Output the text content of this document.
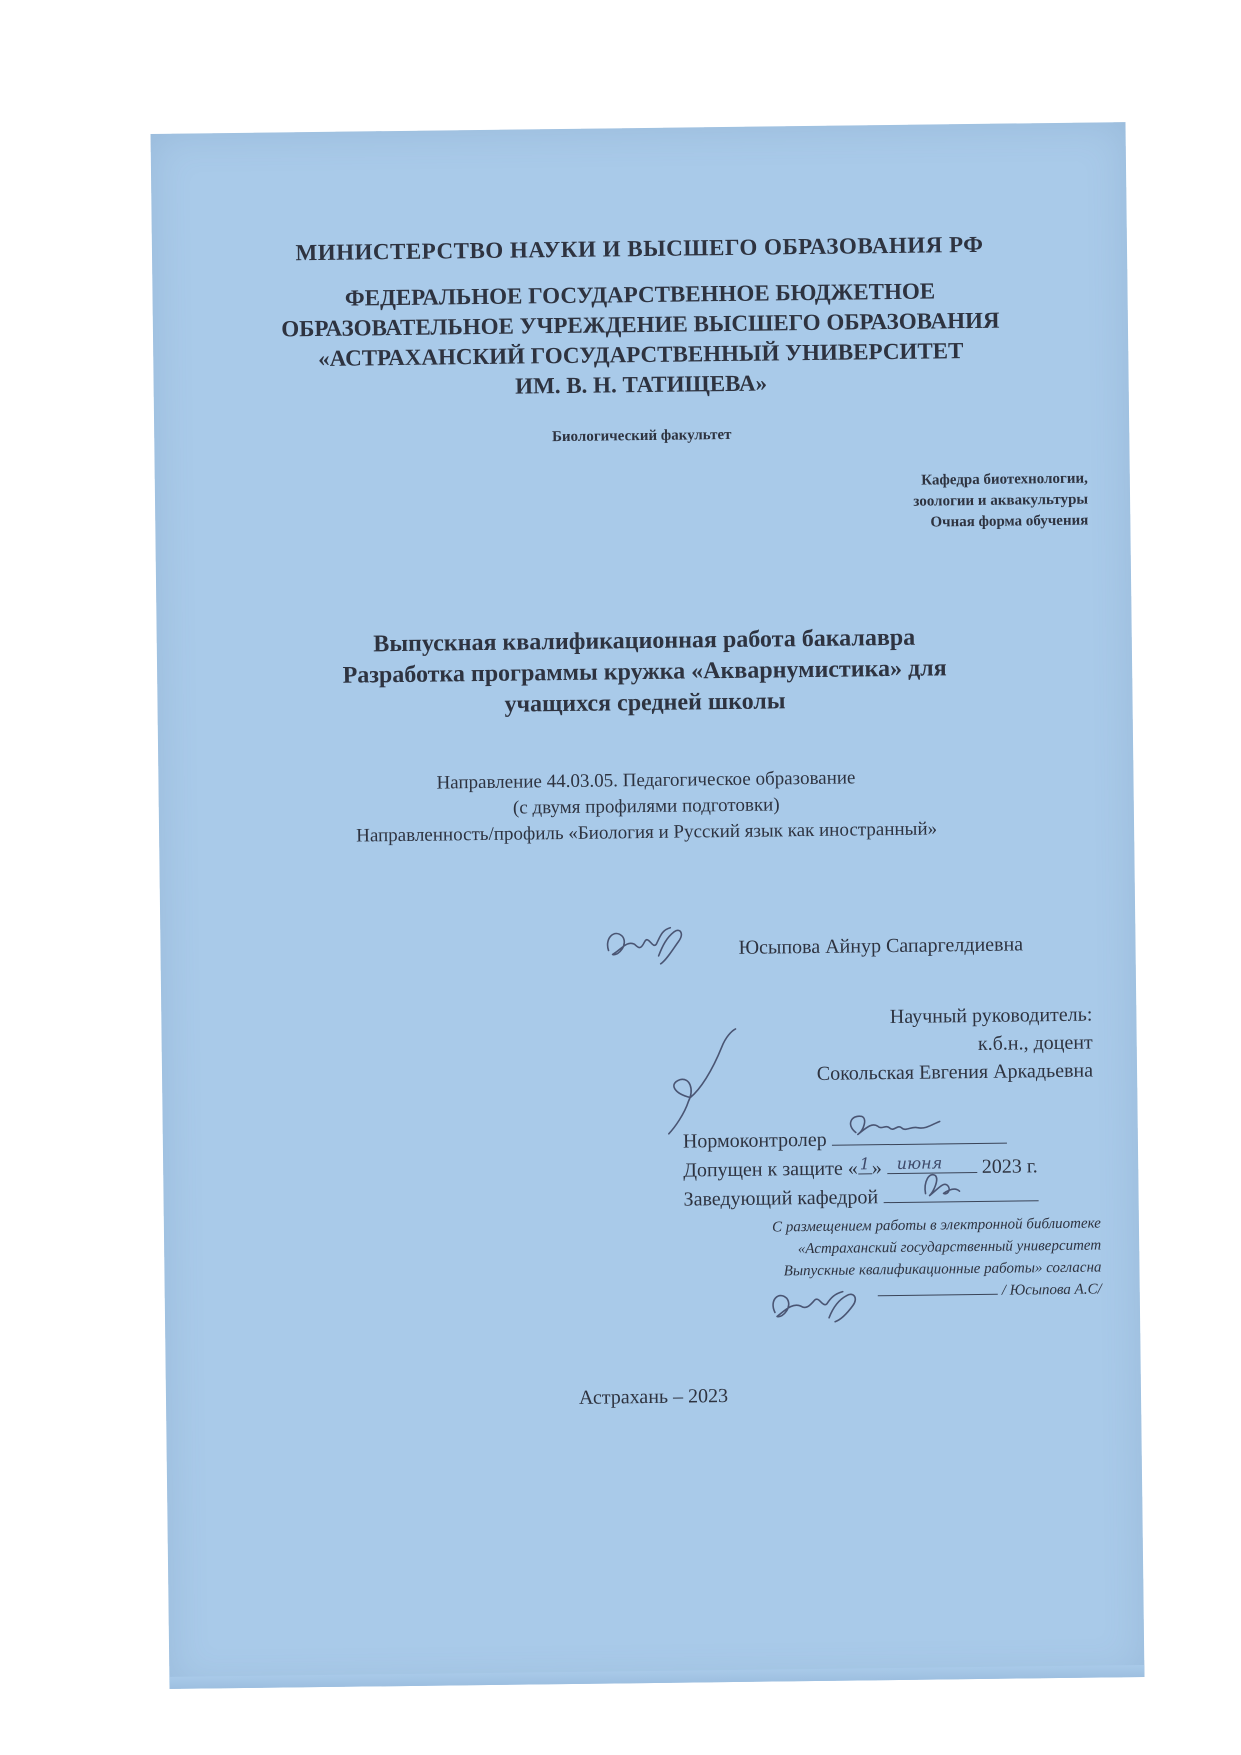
МИНИСТЕРСТВО НАУКИ И ВЫСШЕГО ОБРАЗОВАНИЯ РФ
ФЕДЕРАЛЬНОЕ ГОСУДАРСТВЕННОЕ БЮДЖЕТНОЕ
ОБРАЗОВАТЕЛЬНОЕ УЧРЕЖДЕНИЕ ВЫСШЕГО ОБРАЗОВАНИЯ
«АСТРАХАНСКИЙ ГОСУДАРСТВЕННЫЙ УНИВЕРСИТЕТ
ИМ. В. Н. ТАТИЩЕВА»
Биологический факультет
Кафедра биотехнологии,
зоологии и аквакультуры
Очная форма обучения
Выпускная квалификационная работа бакалавра
Разработка программы кружка «Акварнумистика» для
учащихся средней школы
Направление 44.03.05. Педагогическое образование
(с двумя профилями подготовки)
Направленность/профиль «Биология и Русский язык как иностранный»
Юсыпова Айнур Сапаргелдиевна
Научный руководитель:
к.б.н., доцент
Сокольская Евгения Аркадьевна
Нормоконтролер
Допущен к защите « 1 » июня 2023 г.
Заведующий кафедрой
С размещением работы в электронной библиотеке
«Астраханский государственный университет
Выпускные квалификационные работы» согласна
/ Юсыпова А.С/
Астрахань – 2023
